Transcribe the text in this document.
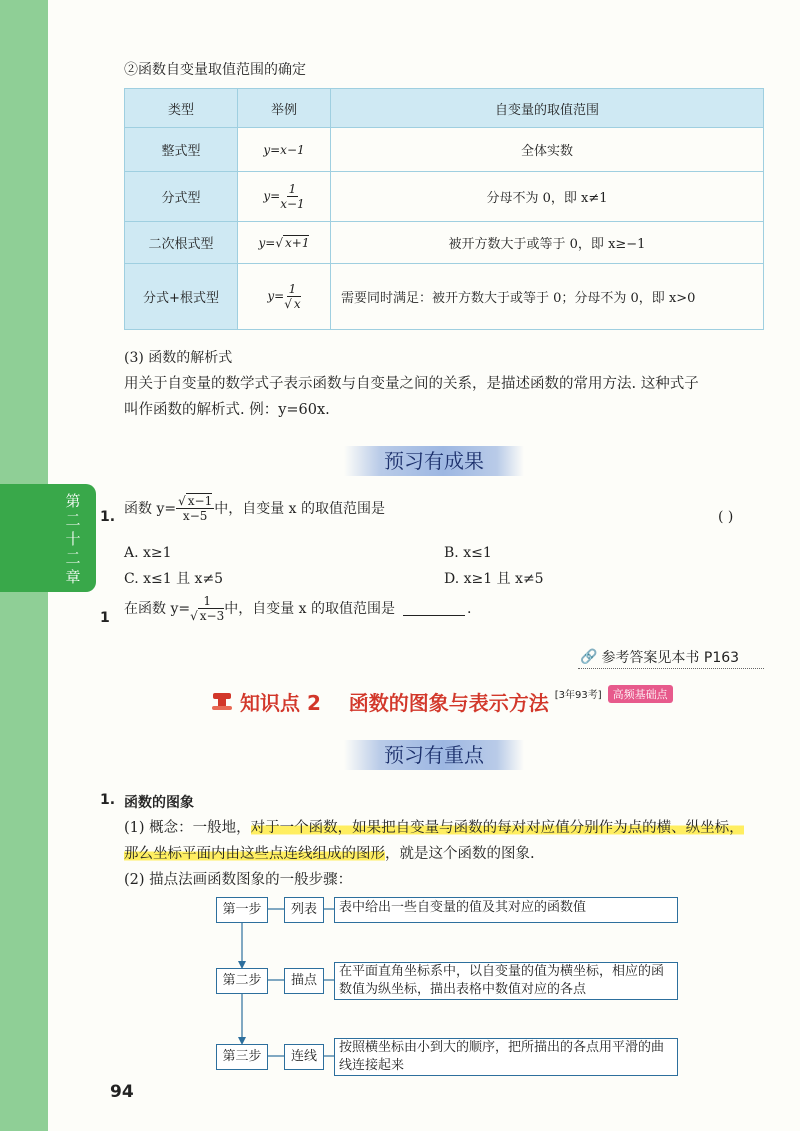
第二十二章
②函数自变量取值范围的确定
类型	举例	自变量的取值范围
整式型	y=x−1	全体实数
分式型	$y= \frac{1}{x-1}$	分母不为 0，即 x≠1
二次根式型	y=√ x+1	被开方数大于或等于 0，即 x≥−1
分式+根式型	$y= \frac{1}{√ x}$	需要同时满足：被开方数大于或等于 0；分母不为 0，即 x>0
(3) 函数的解析式
用关于自变量的数学式子表示函数与自变量之间的关系，是描述函数的常用方法. 这种式子
叫作函数的解析式. 例：y=60x.
预习有成果
1.
函数 $y= \frac{√ x-1}{x-5}$ 中，自变量 x 的取值范围是
( )
A. x≥1	B. x≤1
C. x≤1 且 x≠5	D. x≥1 且 x≠5
1
在函数 $y= \frac{1}{√ x-3}$ 中，自变量 x 的取值范围是	.
🔗 参考答案见本书 P163
知识点 2    函数的图象与表示方法 [3年93考]	高频基础点
预习有重点
1. 函数的图象
(1) 概念：一般地，对于一个函数，如果把自变量与函数的每对对应值分别作为点的横、纵坐标，
那么坐标平面内由这些点连线组成的图形，就是这个函数的图象.
(2) 描点法画函数图象的一般步骤：
第一步	列表	表中给出一些自变量的值及其对应的函数值
第二步	描点
在平面直角坐标系中，以自变量的值为横坐标，相应的函数值为纵坐标，描出表格中数值对应的各点
第三步	连线
按照横坐标由小到大的顺序，把所描出的各点用平滑的曲线连接起来
94
